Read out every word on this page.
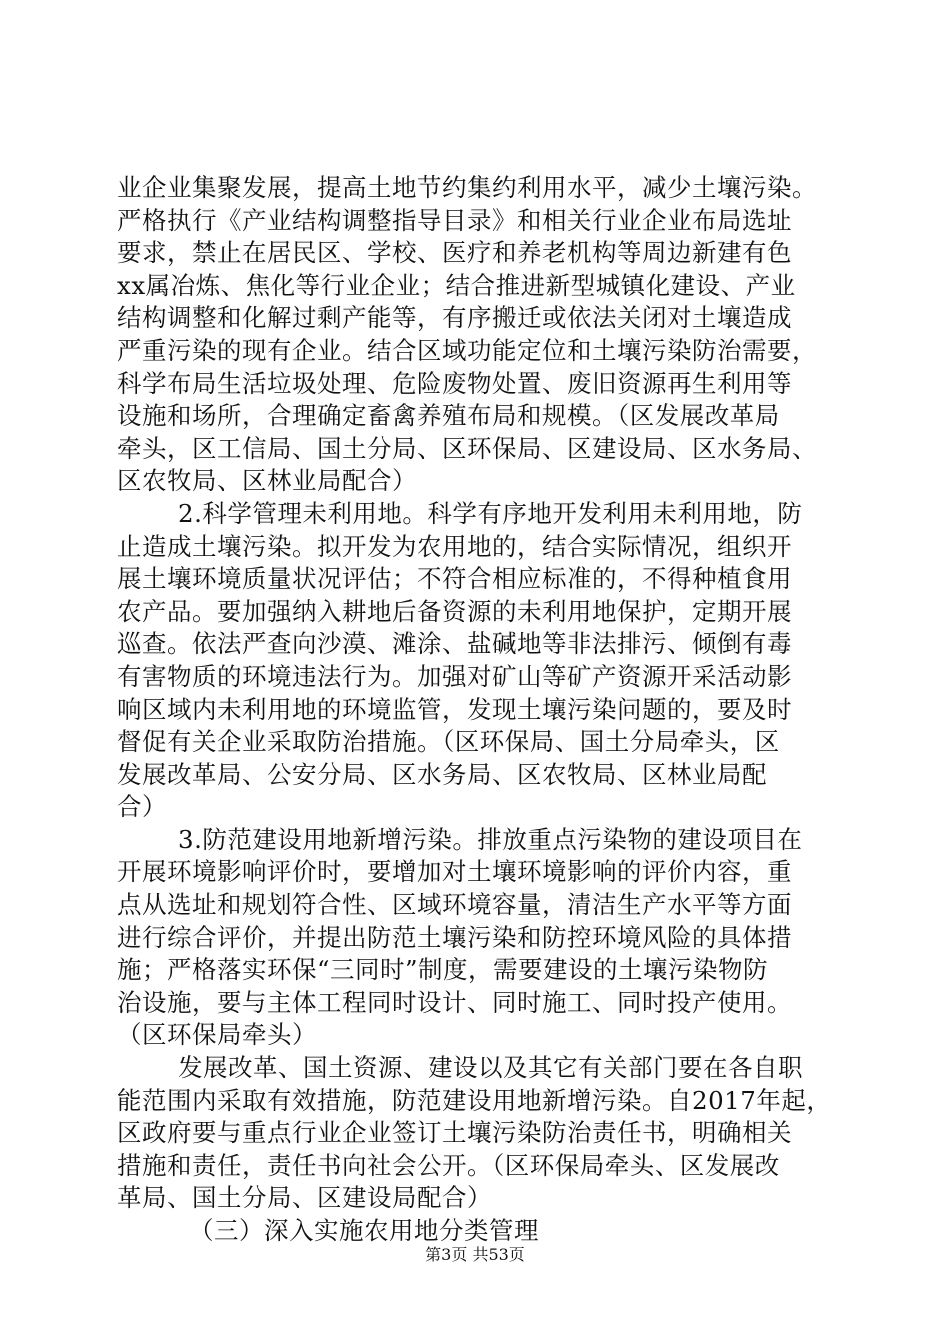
业企业集聚发展，提高土地节约集约利用水平，减少土壤污染。
严格执行《产业结构调整指导目录》和相关行业企业布局选址
要求，禁止在居民区、学校、医疗和养老机构等周边新建有色
xx属冶炼、焦化等行业企业；结合推进新型城镇化建设、产业
结构调整和化解过剩产能等，有序搬迁或依法关闭对土壤造成
严重污染的现有企业。结合区域功能定位和土壤污染防治需要，
科学布局生活垃圾处理、危险废物处置、废旧资源再生利用等
设施和场所，合理确定畜禽养殖布局和规模。（区发展改革局
牵头，区工信局、国土分局、区环保局、区建设局、区水务局、
区农牧局、区林业局配合）
2.科学管理未利用地。科学有序地开发利用未利用地，防
止造成土壤污染。拟开发为农用地的，结合实际情况，组织开
展土壤环境质量状况评估；不符合相应标准的，不得种植食用
农产品。要加强纳入耕地后备资源的未利用地保护，定期开展
巡查。依法严查向沙漠、滩涂、盐碱地等非法排污、倾倒有毒
有害物质的环境违法行为。加强对矿山等矿产资源开采活动影
响区域内未利用地的环境监管，发现土壤污染问题的，要及时
督促有关企业采取防治措施。（区环保局、国土分局牵头，区
发展改革局、公安分局、区水务局、区农牧局、区林业局配
合）
3.防范建设用地新增污染。排放重点污染物的建设项目在
开展环境影响评价时，要增加对土壤环境影响的评价内容，重
点从选址和规划符合性、区域环境容量，清洁生产水平等方面
进行综合评价，并提出防范土壤污染和防控环境风险的具体措
施；严格落实环保“三同时”制度，需要建设的土壤污染物防
治设施，要与主体工程同时设计、同时施工、同时投产使用。
（区环保局牵头）
发展改革、国土资源、建设以及其它有关部门要在各自职
能范围内采取有效措施，防范建设用地新增污染。自2017年起，
区政府要与重点行业企业签订土壤污染防治责任书，明确相关
措施和责任，责任书向社会公开。（区环保局牵头、区发展改
革局、国土分局、区建设局配合）
（三）深入实施农用地分类管理
第3页 共53页
